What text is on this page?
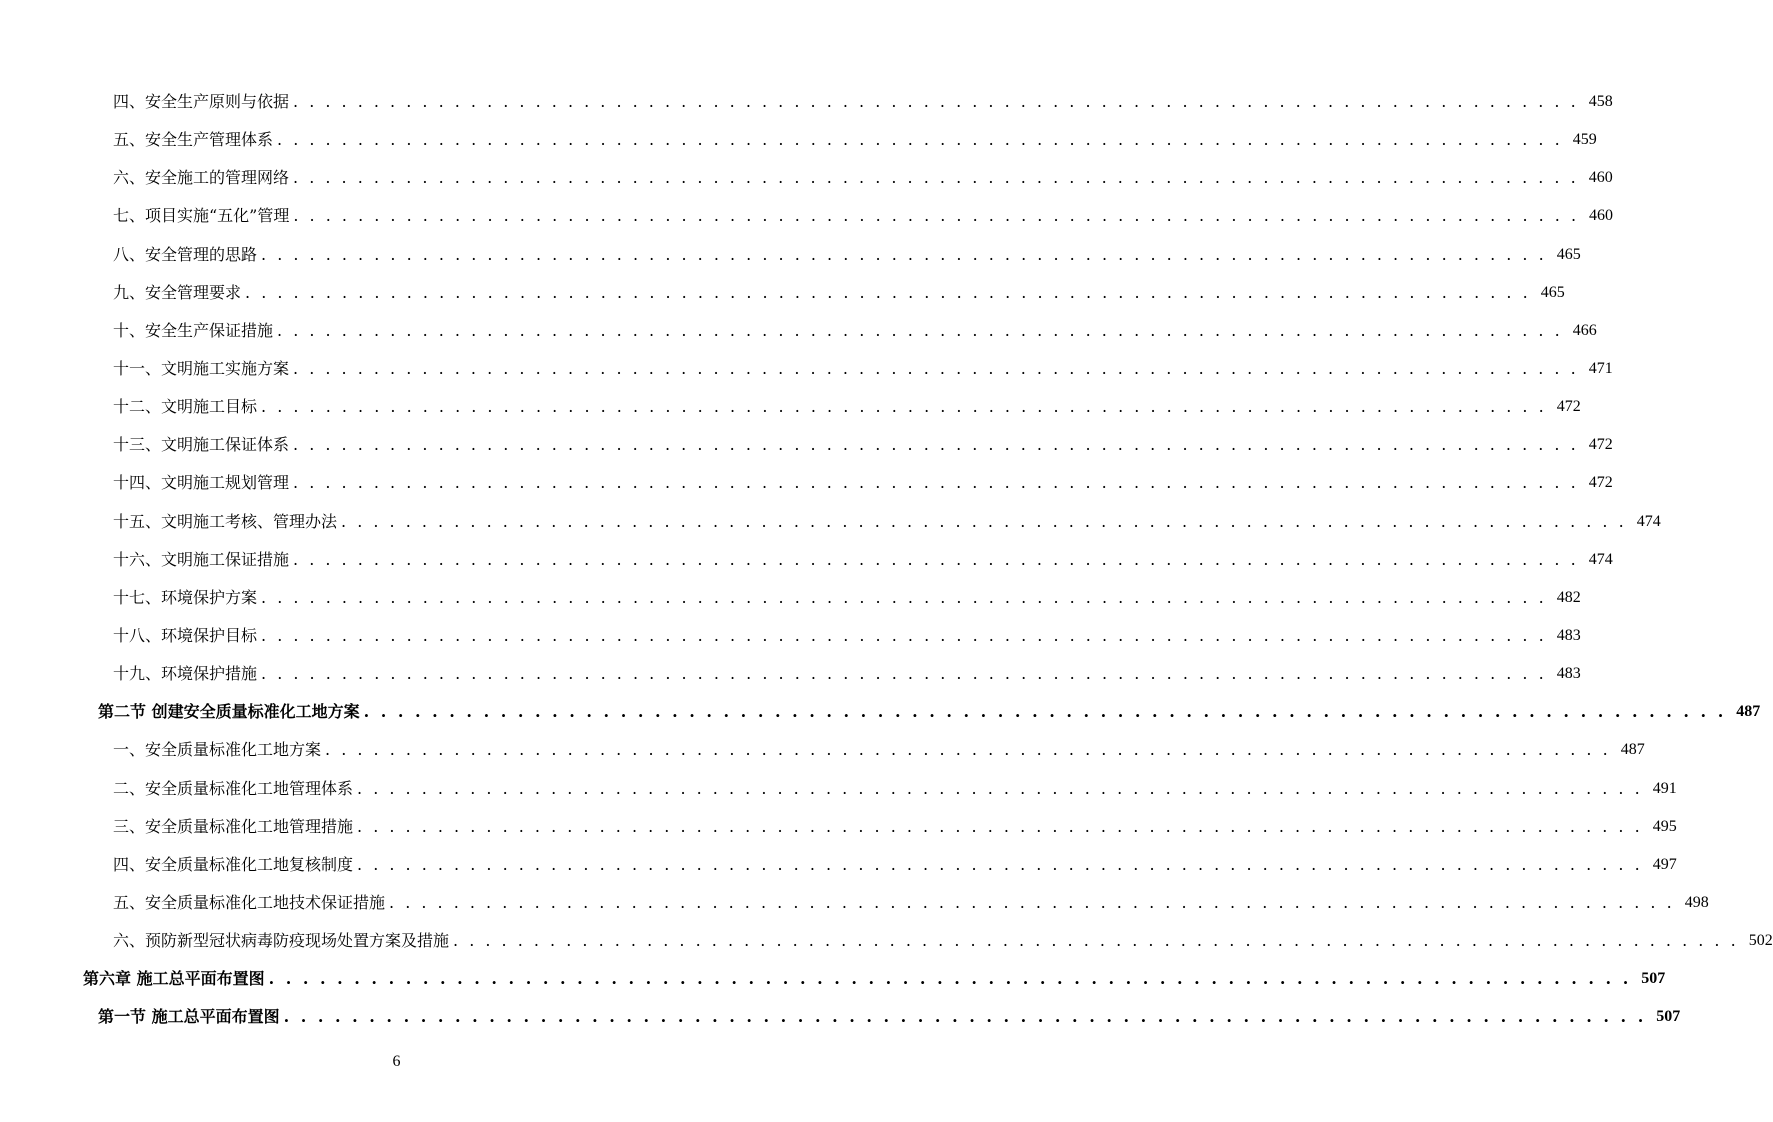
四、安全生产原则与依据 . . . . . . . . . . . . . . . . . . . . . . . . . . . . . . . . . . . . . . . . . . . . . . . . . . . . . . . . . . . . . . . . . . . . . . . . . . . . . . . . 458
五、安全生产管理体系 . . . . . . . . . . . . . . . . . . . . . . . . . . . . . . . . . . . . . . . . . . . . . . . . . . . . . . . . . . . . . . . . . . . . . . . . . . . . . . . . 459
六、安全施工的管理网络 . . . . . . . . . . . . . . . . . . . . . . . . . . . . . . . . . . . . . . . . . . . . . . . . . . . . . . . . . . . . . . . . . . . . . . . . . . . . . . . . 460
七、项目实施“五化”管理 . . . . . . . . . . . . . . . . . . . . . . . . . . . . . . . . . . . . . . . . . . . . . . . . . . . . . . . . . . . . . . . . . . . . . . . . . . . . . . . . 460
八、安全管理的思路 . . . . . . . . . . . . . . . . . . . . . . . . . . . . . . . . . . . . . . . . . . . . . . . . . . . . . . . . . . . . . . . . . . . . . . . . . . . . . . . . 465
九、安全管理要求 . . . . . . . . . . . . . . . . . . . . . . . . . . . . . . . . . . . . . . . . . . . . . . . . . . . . . . . . . . . . . . . . . . . . . . . . . . . . . . . . 465
十、安全生产保证措施 . . . . . . . . . . . . . . . . . . . . . . . . . . . . . . . . . . . . . . . . . . . . . . . . . . . . . . . . . . . . . . . . . . . . . . . . . . . . . . . . 466
十一、文明施工实施方案 . . . . . . . . . . . . . . . . . . . . . . . . . . . . . . . . . . . . . . . . . . . . . . . . . . . . . . . . . . . . . . . . . . . . . . . . . . . . . . . . 471
十二、文明施工目标 . . . . . . . . . . . . . . . . . . . . . . . . . . . . . . . . . . . . . . . . . . . . . . . . . . . . . . . . . . . . . . . . . . . . . . . . . . . . . . . . 472
十三、文明施工保证体系 . . . . . . . . . . . . . . . . . . . . . . . . . . . . . . . . . . . . . . . . . . . . . . . . . . . . . . . . . . . . . . . . . . . . . . . . . . . . . . . . 472
十四、文明施工规划管理 . . . . . . . . . . . . . . . . . . . . . . . . . . . . . . . . . . . . . . . . . . . . . . . . . . . . . . . . . . . . . . . . . . . . . . . . . . . . . . . . 472
十五、文明施工考核、管理办法 . . . . . . . . . . . . . . . . . . . . . . . . . . . . . . . . . . . . . . . . . . . . . . . . . . . . . . . . . . . . . . . . . . . . . . . . . . . . . . . . 474
十六、文明施工保证措施 . . . . . . . . . . . . . . . . . . . . . . . . . . . . . . . . . . . . . . . . . . . . . . . . . . . . . . . . . . . . . . . . . . . . . . . . . . . . . . . . 474
十七、环境保护方案 . . . . . . . . . . . . . . . . . . . . . . . . . . . . . . . . . . . . . . . . . . . . . . . . . . . . . . . . . . . . . . . . . . . . . . . . . . . . . . . . 482
十八、环境保护目标 . . . . . . . . . . . . . . . . . . . . . . . . . . . . . . . . . . . . . . . . . . . . . . . . . . . . . . . . . . . . . . . . . . . . . . . . . . . . . . . . 483
十九、环境保护措施 . . . . . . . . . . . . . . . . . . . . . . . . . . . . . . . . . . . . . . . . . . . . . . . . . . . . . . . . . . . . . . . . . . . . . . . . . . . . . . . . 483
第二节 创建安全质量标准化工地方案 . . . . . . . . . . . . . . . . . . . . . . . . . . . . . . . . . . . . . . . . . . . . . . . . . . . . . . . . . . . . . . . . . . . . . . . . . . . . . . . . 487
一、安全质量标准化工地方案 . . . . . . . . . . . . . . . . . . . . . . . . . . . . . . . . . . . . . . . . . . . . . . . . . . . . . . . . . . . . . . . . . . . . . . . . . . . . . . . . 487
二、安全质量标准化工地管理体系 . . . . . . . . . . . . . . . . . . . . . . . . . . . . . . . . . . . . . . . . . . . . . . . . . . . . . . . . . . . . . . . . . . . . . . . . . . . . . . . . 491
三、安全质量标准化工地管理措施 . . . . . . . . . . . . . . . . . . . . . . . . . . . . . . . . . . . . . . . . . . . . . . . . . . . . . . . . . . . . . . . . . . . . . . . . . . . . . . . . 495
四、安全质量标准化工地复核制度 . . . . . . . . . . . . . . . . . . . . . . . . . . . . . . . . . . . . . . . . . . . . . . . . . . . . . . . . . . . . . . . . . . . . . . . . . . . . . . . . 497
五、安全质量标准化工地技术保证措施 . . . . . . . . . . . . . . . . . . . . . . . . . . . . . . . . . . . . . . . . . . . . . . . . . . . . . . . . . . . . . . . . . . . . . . . . . . . . . . . . 498
六、预防新型冠状病毒防疫现场处置方案及措施 . . . . . . . . . . . . . . . . . . . . . . . . . . . . . . . . . . . . . . . . . . . . . . . . . . . . . . . . . . . . . . . . . . . . . . . . . . . . . . . . 502
第六章 施工总平面布置图 . . . . . . . . . . . . . . . . . . . . . . . . . . . . . . . . . . . . . . . . . . . . . . . . . . . . . . . . . . . . . . . . . . . . . . . . . . . . . . . . 507
第一节 施工总平面布置图 . . . . . . . . . . . . . . . . . . . . . . . . . . . . . . . . . . . . . . . . . . . . . . . . . . . . . . . . . . . . . . . . . . . . . . . . . . . . . . . . 507
6
